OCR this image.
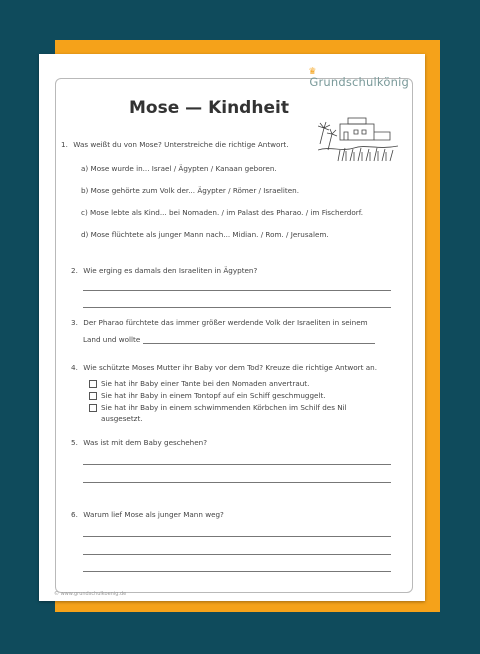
♛
Grundschulkönig
Mose — Kindheit
1. Was weißt du von Mose? Unterstreiche die richtige Antwort.
a) Mose wurde in... Israel / Ägypten / Kanaan geboren.
b) Mose gehörte zum Volk der... Ägypter / Römer / Israeliten.
c) Mose lebte als Kind... bei Nomaden. / im Palast des Pharao. / im Fischerdorf.
d) Mose flüchtete als junger Mann nach... Midian. / Rom. / Jerusalem.
2. Wie erging es damals den Israeliten in Ägypten?
3. Der Pharao fürchtete das immer größer werdende Volk der Israeliten in seinem
Land und wollte
4. Wie schützte Moses Mutter ihr Baby vor dem Tod? Kreuze die richtige Antwort an.
Sie hat ihr Baby einer Tante bei den Nomaden anvertraut.
Sie hat ihr Baby in einem Tontopf auf ein Schiff geschmuggelt.
Sie hat ihr Baby in einem schwimmenden Körbchen im Schilf des Nil
ausgesetzt.
5. Was ist mit dem Baby geschehen?
6. Warum lief Mose als junger Mann weg?
© www.grundschulkoenig.de
